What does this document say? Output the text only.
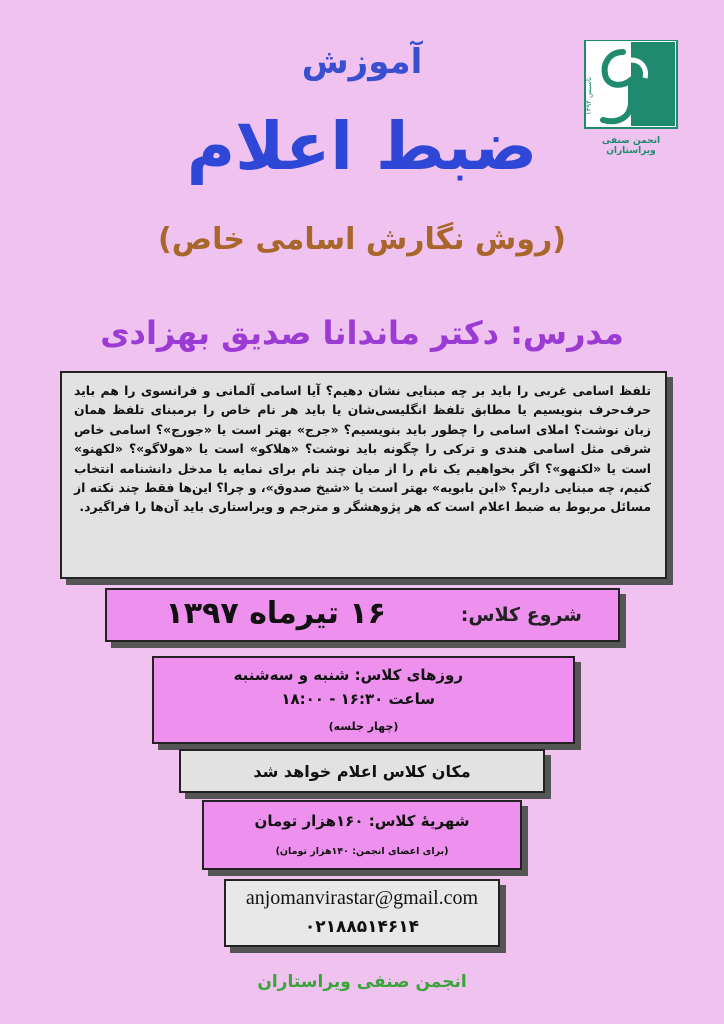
انجمن صنفی ویراستاران
تأسیس ۱۳۹۴
آموزش
ضبط اعلام
(روش نگارش اسامی خاص)
مدرس: دکتر ماندانا صدیق بهزادی
تلفظ اسامی غربی را باید بر چه مبنایی نشان دهیم؟ آیا اسامی آلمانی و فرانسوی را هم باید حرف‌حرف بنویسیم یا مطابق تلفظ انگلیسی‌شان یا باید هر نام خاص را برمبنای تلفظ همان زبان نوشت؟ املای اسامی را چطور باید بنویسیم؟ «جرج» بهتر است یا «جورج»؟ اسامی خاص شرقی مثل اسامی هندی و ترکی را چگونه باید نوشت؟ «هلاکو» است یا «هولاگو»؟ «لکهنو» است یا «لکنهو»؟ اگر بخواهیم یک نام را از میان چند نام برای نمایه یا مدخل دانشنامه انتخاب کنیم، چه مبنایی داریم؟ «ابن بابویه» بهتر است یا «شیخ صدوق»، و چرا؟ این‌ها فقط چند نکته از مسائل مربوط به ضبط اعلام است که هر پژوهشگر و مترجم و ویراستاری باید آن‌ها را فراگیرد.
شروع کلاس:
۱۶ تیرماه ۱۳۹۷
روزهای کلاس: شنبه و سه‌شنبه
ساعت ۱۶:۳۰ - ۱۸:۰۰
(چهار جلسه)
مکان کلاس اعلام خواهد شد
شهریهٔ کلاس: ۱۶۰هزار تومان
(برای اعضای انجمن: ۱۴۰هزار تومان)
anjomanvirastar@gmail.com
۰۲۱۸۸۵۱۴۶۱۴
انجمن صنفی ویراستاران
